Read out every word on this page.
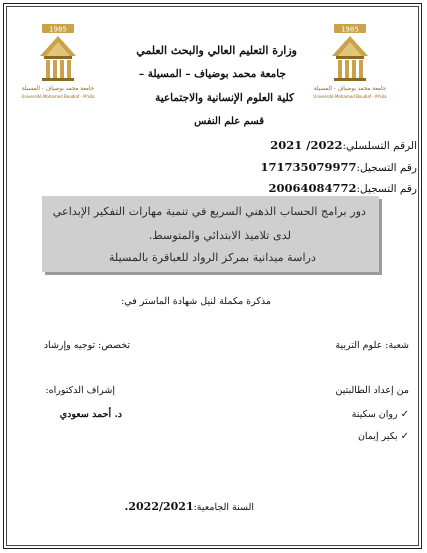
1985
جامعة محمد بوضياف - المسيلة
Université Mohamed Boudiaf - M'sila
1985
جامعة محمد بوضياف - المسيلة
Université Mohamed Boudiaf - M'sila
وزارة التعليم العالي والبحث العلمي
جامعة محمد بوضياف – المسيلة –
كلية العلوم الإنسانية والاجتماعية
قسم علم النفس
الرقم التسلسلي:2021 /2022
رقم التسجيل:171735079977
رقم التسجيل:20064084772
دور برامج الحساب الذهني السريع في تنمية مهارات التفكير الإبداعي
لدى تلاميذ الابتدائي والمتوسط.
دراسة ميدانية بمركز الرواد للعباقرة بالمسيلة
مذكرة مكملة لنيل شهادة الماستر في:
شعبة: علوم التربية
تخصص: توجيه وإرشاد
من إعداد الطالبتين
إشراف الدكتوراه:
✓روان سكينة
✓بكير إيمان
د. أحمد سعودي
السنة الجامعية:2022/2021.
